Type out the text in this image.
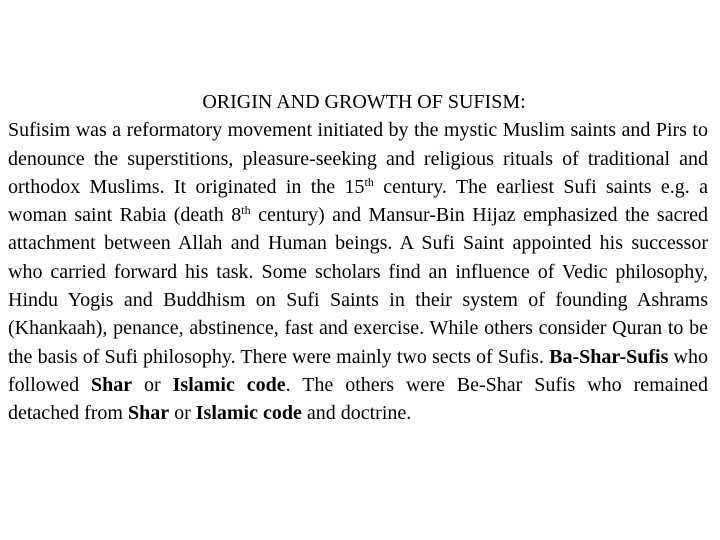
ORIGIN AND GROWTH OF SUFISM:

Sufisim was a reformatory movement initiated by the mystic Muslim saints and Pirs to denounce the superstitions, pleasure-seeking and religious rituals of traditional and orthodox Muslims. It originated in the 15th century. The earliest Sufi saints e.g. a woman saint Rabia (death 8th century) and Mansur-Bin Hijaz emphasized the sacred attachment between Allah and Human beings. A Sufi Saint appointed his successor who carried forward his task. Some scholars find an influence of Vedic philosophy, Hindu Yogis and Buddhism on Sufi Saints in their system of founding Ashrams (Khankaah), penance, abstinence, fast and exercise. While others consider Quran to be the basis of Sufi philosophy. There were mainly two sects of Sufis. Ba-Shar-Sufis who followed Shar or Islamic code. The others were Be-Shar Sufis who remained detached from Shar or Islamic code and doctrine.
